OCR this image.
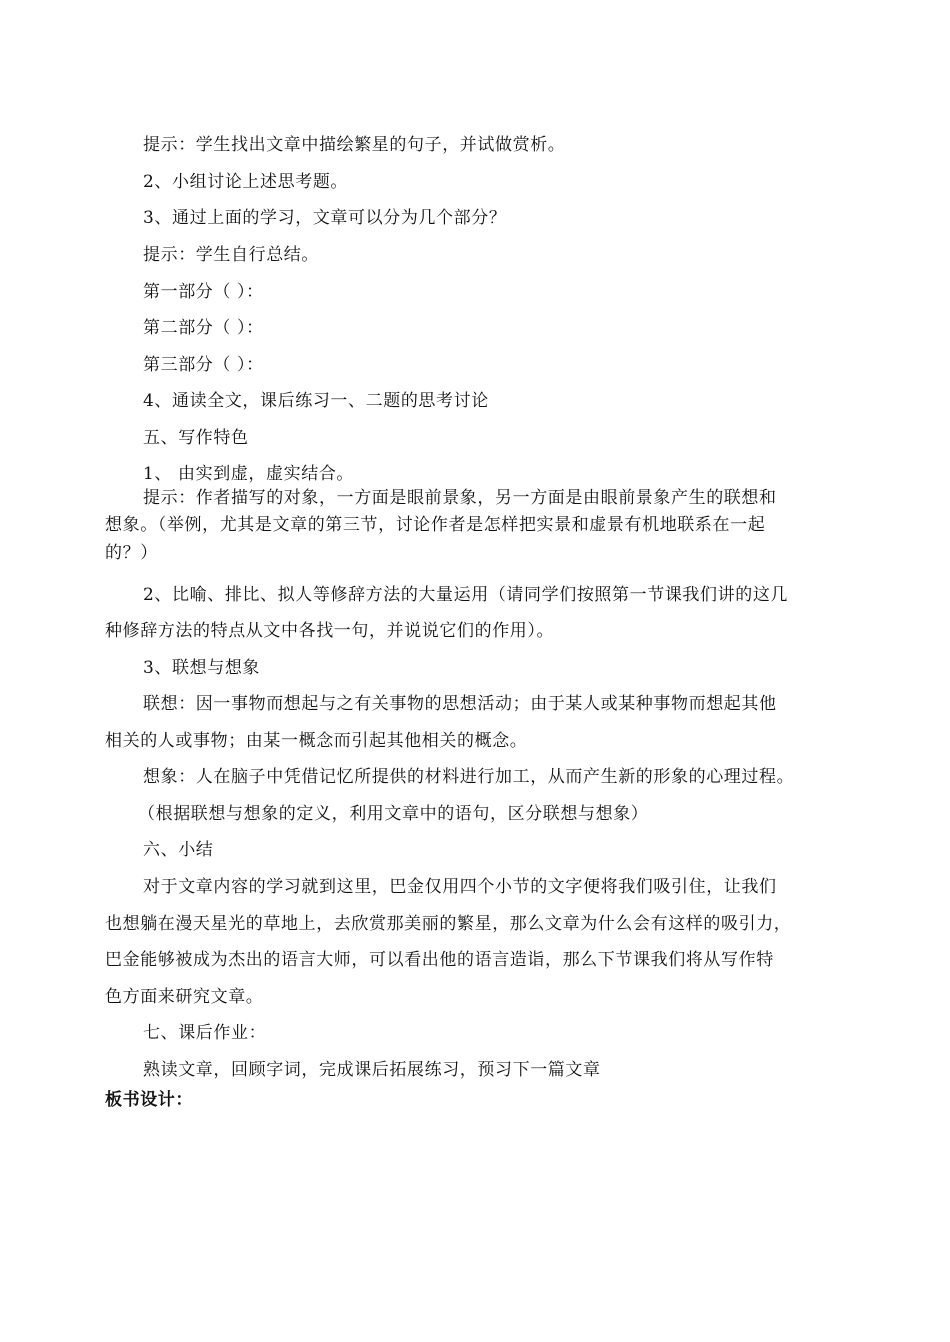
提示：学生找出文章中描绘繁星的句子，并试做赏析。
2、小组讨论上述思考题。
3、通过上面的学习，文章可以分为几个部分？
提示：学生自行总结。
第一部分（ ）：
第二部分（ ）：
第三部分（ ）：
4、通读全文，课后练习一、二题的思考讨论
五、写作特色
1、 由实到虚，虚实结合。
提示：作者描写的对象，一方面是眼前景象，另一方面是由眼前景象产生的联想和
想象。（举例，尤其是文章的第三节，讨论作者是怎样把实景和虚景有机地联系在一起
的？）
2、比喻、排比、拟人等修辞方法的大量运用（请同学们按照第一节课我们讲的这几
种修辞方法的特点从文中各找一句，并说说它们的作用）。
3、联想与想象
联想：因一事物而想起与之有关事物的思想活动；由于某人或某种事物而想起其他
相关的人或事物；由某一概念而引起其他相关的概念。
想象：人在脑子中凭借记忆所提供的材料进行加工，从而产生新的形象的心理过程。
（根据联想与想象的定义，利用文章中的语句，区分联想与想象）
六、小结
对于文章内容的学习就到这里，巴金仅用四个小节的文字便将我们吸引住，让我们
也想躺在漫天星光的草地上，去欣赏那美丽的繁星，那么文章为什么会有这样的吸引力，
巴金能够被成为杰出的语言大师，可以看出他的语言造诣，那么下节课我们将从写作特
色方面来研究文章。
七、课后作业：
熟读文章，回顾字词，完成课后拓展练习，预习下一篇文章
板书设计：
